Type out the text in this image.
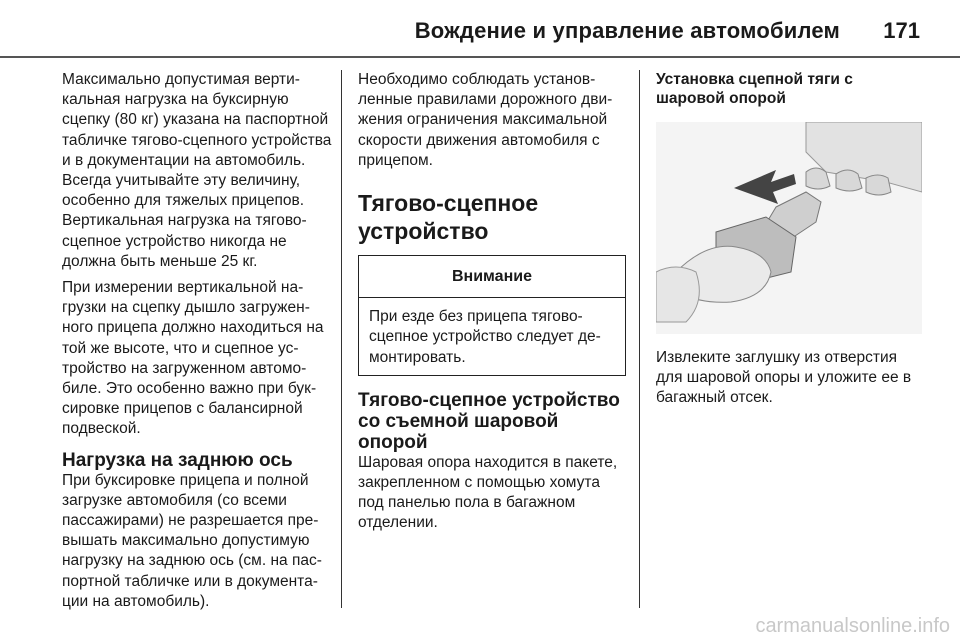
Вождение и управление автомобилем 171

Максимально допустимая вертикальная нагрузка на буксирную сцепку (80 кг) указана на паспортной табличке тягово-сцепного устройства и в документации на автомобиль. Всегда учитывайте эту величину, особенно для тяжелых прицепов. Вертикальная нагрузка на тягово-сцепное устройство никогда не должна быть меньше 25 кг.

При измерении вертикальной нагрузки на сцепку дышло загруженного прицепа должно находиться на той же высоте, что и сцепное устройство на загруженном автомобиле. Это особенно важно при буксировке прицепов с балансирной подвеской.

Нагрузка на заднюю ось

При буксировке прицепа и полной загрузке автомобиля (со всеми пассажирами) не разрешается превышать максимально допустимую нагрузку на заднюю ось (см. на паспортной табличке или в документации на автомобиль).

Необходимо соблюдать установленные правилами дорожного движения ограничения максимальной скорости движения автомобиля с прицепом.

Тягово-сцепное устройство
Внимание
При езде без прицепа тягово-сцепное устройство следует демонтировать.
Тягово-сцепное устройство со съемной шаровой опорой

Шаровая опора находится в пакете, закрепленном с помощью хомута под панелью пола в багажном отделении.

Установка сцепной тяги с шаровой опорой

Извлеките заглушку из отверстия для шаровой опоры и уложите ее в багажный отсек.

carmanualsonline.info
